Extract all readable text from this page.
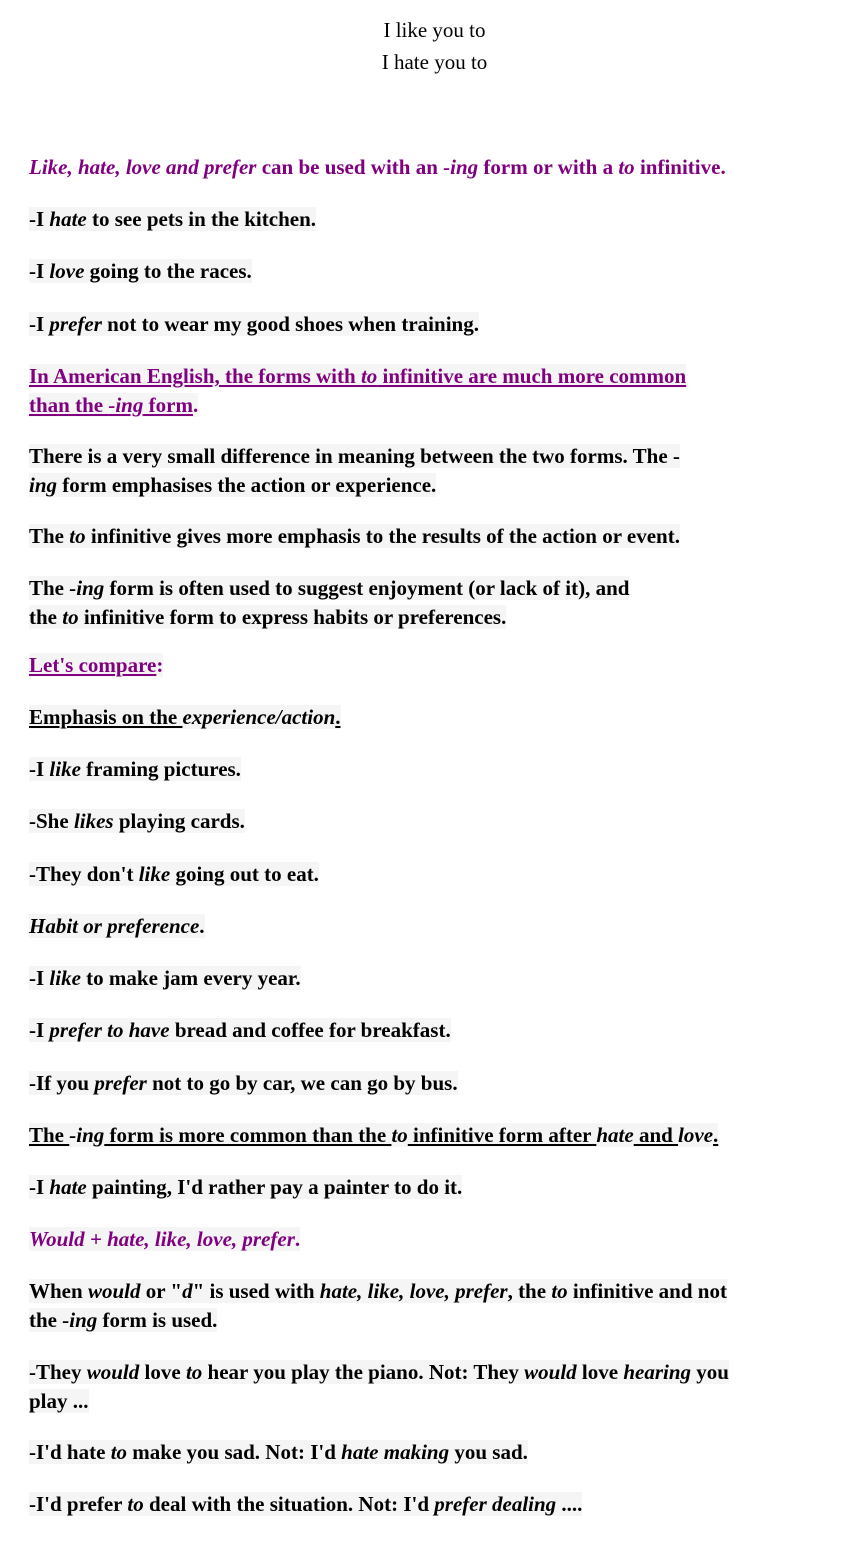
I like you to
I hate you to

Like, hate, love and prefer can be used with an -ing form or with a to infinitive.

-I hate to see pets in the kitchen.

-I love going to the races.

-I prefer not to wear my good shoes when training.

In American English, the forms with to infinitive are much more common
than the -ing form.

There is a very small difference in meaning between the two forms. The -
ing form emphasises the action or experience.

The to infinitive gives more emphasis to the results of the action or event.

The -ing form is often used to suggest enjoyment (or lack of it), and
the to infinitive form to express habits or preferences.

Let's compare:

Emphasis on the experience/action.

-I like framing pictures.

-She likes playing cards.

-They don't like going out to eat.

Habit or preference.

-I like to make jam every year.

-I prefer to have bread and coffee for breakfast.

-If you prefer not to go by car, we can go by bus.

The -ing form is more common than the to infinitive form after hate and love.

-I hate painting, I'd rather pay a painter to do it.

Would + hate, like, love, prefer.

When would or "d" is used with hate, like, love, prefer, the to infinitive and not
the -ing form is used.

-They would love to hear you play the piano. Not: They would love hearing you
play ...

-I'd hate to make you sad. Not: I'd hate making you sad.

-I'd prefer to deal with the situation. Not: I'd prefer dealing ....
